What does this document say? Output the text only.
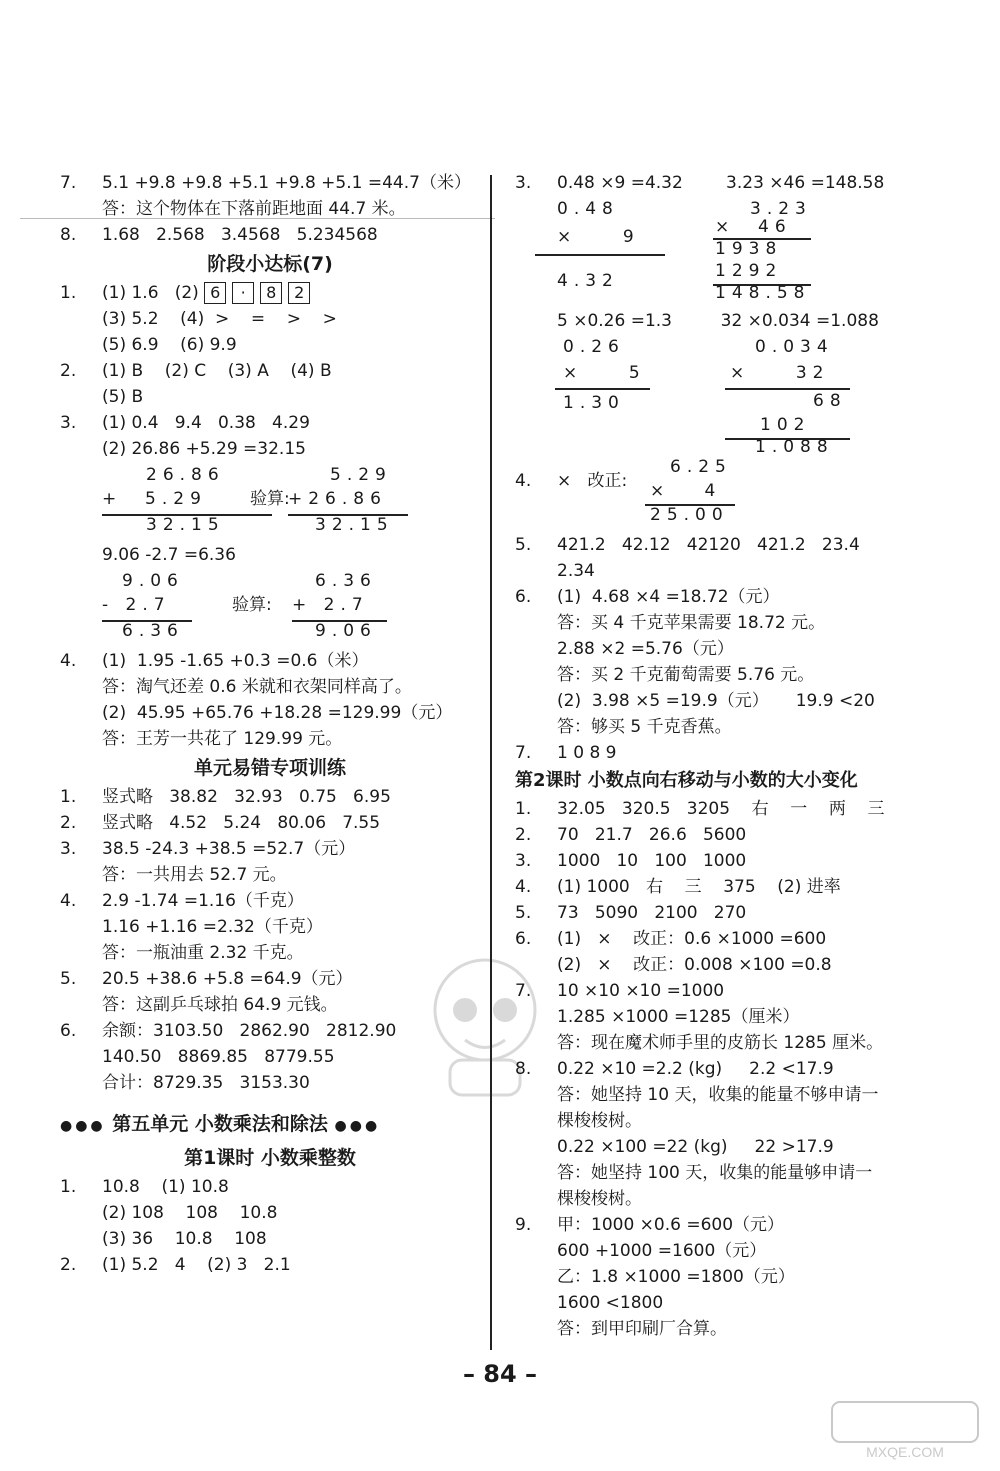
7.	5.1 +9.8 +9.8 +5.1 +9.8 +5.1 =44.7（米）
答：这个物体在下落前距地面 44.7 米。
8.	1.68   2.568   3.4568   5.234568
阶段小达标(7)
1.	(1) 1.6   (2) 6 · 8 2
(3) 5.2    (4)  >    =    >    >
(5) 6.9    (6) 9.9
2.	(1) B    (2) C    (3) A    (4) B
(5) B
3.	(1) 0.4   9.4   0.38   4.29
(2) 26.86 +5.29 =32.15
26.86
+  5.29
32.15
验算:
5.29
+26.86
32.15
9.06 -2.7 =6.36
9.06
- 2.7
6.36
验算:
6.36
+ 2.7
9.06
4.	(1)  1.95 -1.65 +0.3 =0.6（米）
答：淘气还差 0.6 米就和衣架同样高了。
(2)  45.95 +65.76 +18.28 =129.99（元）
答：王芳一共花了 129.99 元。
单元易错专项训练
1.	竖式略   38.82   32.93   0.75   6.95
2.	竖式略   4.52   5.24   80.06   7.55
3.	38.5 -24.3 +38.5 =52.7（元）
答：一共用去 52.7 元。
4.	2.9 -1.74 =1.16（千克）
1.16 +1.16 =2.32（千克）
答：一瓶油重 2.32 千克。
5.	20.5 +38.6 +5.8 =64.9（元）
答：这副乒乓球拍 64.9 元钱。
6.	余额：3103.50   2862.90   2812.90
140.50   8869.85   8779.55
合计：8729.35   3153.30
●●● 第五单元 小数乘法和除法 ●●●
第1课时 小数乘整数
1.	10.8    (1) 10.8
(2) 108    108    10.8
(3) 36    10.8    108
2.	(1) 5.2   4    (2) 3   2.1
3.	0.48 ×9 =4.32        3.23 ×46 =148.58
0.48
×    9
4.32
3.23
×  46
1938
1292
148.58
5 ×0.26 =1.3         32 ×0.034 =1.088
0.26
×    5
1.30
0.034
×    32
68
102
1.088
4. ×   改正:
6.25
×   4
25.00
5.	421.2   42.12   42120   421.2   23.4
2.34
6.	(1)  4.68 ×4 =18.72（元）
答：买 4 千克苹果需要 18.72 元。
2.88 ×2 =5.76（元）
答：买 2 千克葡萄需要 5.76 元。
(2)  3.98 ×5 =19.9（元）     19.9 <20
答：够买 5 千克香蕉。
7.	1 0 8 9
第2课时 小数点向右移动与小数的大小变化
1.	32.05   320.5   3205    右    一    两    三
2.	70   21.7   26.6   5600
3.	1000   10   100   1000
4.	(1) 1000   右    三    375    (2) 进率
5.	73   5090   2100   270
6.	(1)   ×    改正：0.6 ×1000 =600
(2)   ×    改正：0.008 ×100 =0.8
7.	10 ×10 ×10 =1000
1.285 ×1000 =1285（厘米）
答：现在魔术师手里的皮筋长 1285 厘米。
8.	0.22 ×10 =2.2 (kg)     2.2 <17.9
答：她坚持 10 天，收集的能量不够申请一
棵梭梭树。
0.22 ×100 =22 (kg)     22 >17.9
答：她坚持 100 天，收集的能量够申请一
棵梭梭树。
9.	甲：1000 ×0.6 =600（元）
600 +1000 =1600（元）
乙：1.8 ×1000 =1800（元）
1600 <1800
答：到甲印刷厂合算。
– 84 –
MXQE.COM
